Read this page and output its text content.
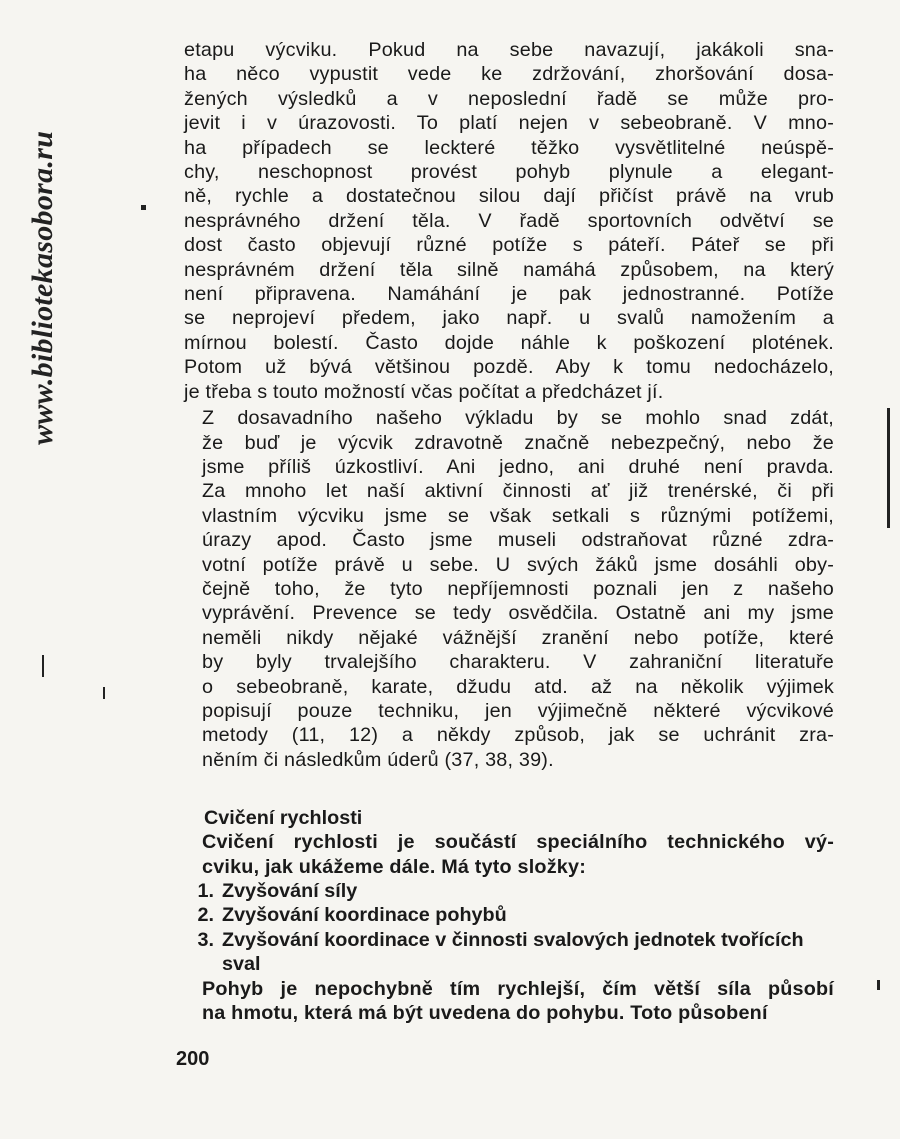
www.bibliotekasobora.ru
etapu výcviku. Pokud na sebe navazují, jakákoli sna-
ha něco vypustit vede ke zdržování, zhoršování dosa-
žených výsledků a v neposlední řadě se může pro-
jevit i v úrazovosti. To platí nejen v sebeobraně. V mno-
ha případech se leckteré těžko vysvětlitelné neúspě-
chy, neschopnost provést pohyb plynule a elegant-
ně, rychle a dostatečnou silou dají přičíst právě na vrub
nesprávného držení těla. V řadě sportovních odvětví se
dost často objevují různé potíže s páteří. Páteř se při
nesprávném držení těla silně namáhá způsobem, na který
není připravena. Namáhání je pak jednostranné. Potíže
se neprojeví předem, jako např. u svalů namožením a
mírnou bolestí. Často dojde náhle k poškození plotének.
Potom už bývá většinou pozdě. Aby k tomu nedocházelo,
je třeba s touto možností včas počítat a předcházet jí.
Z dosavadního našeho výkladu by se mohlo snad zdát,
že buď je výcvik zdravotně značně nebezpečný, nebo že
jsme příliš úzkostliví. Ani jedno, ani druhé není pravda.
Za mnoho let naší aktivní činnosti ať již trenérské, či při
vlastním výcviku jsme se však setkali s různými potížemi,
úrazy apod. Často jsme museli odstraňovat různé zdra-
votní potíže právě u sebe. U svých žáků jsme dosáhli oby-
čejně toho, že tyto nepříjemnosti poznali jen z našeho
vyprávění. Prevence se tedy osvědčila. Ostatně ani my jsme
neměli nikdy nějaké vážnější zranění nebo potíže, které
by byly trvalejšího charakteru. V zahraniční literatuře
o sebeobraně, karate, džudu atd. až na několik výjimek
popisují pouze techniku, jen výjimečně některé výcvikové
metody (11, 12) a někdy způsob, jak se uchránit zra-
něním či následkům úderů (37, 38, 39).
Cvičení rychlosti
Cvičení rychlosti je součástí speciálního technického vý-
cviku, jak ukážeme dále. Má tyto složky:
1. Zvyšování síly
2. Zvyšování koordinace pohybů
3. Zvyšování koordinace v činnosti svalových jednotek tvořících sval
Pohyb je nepochybně tím rychlejší, čím větší síla působí
na hmotu, která má být uvedena do pohybu. Toto působení
200
